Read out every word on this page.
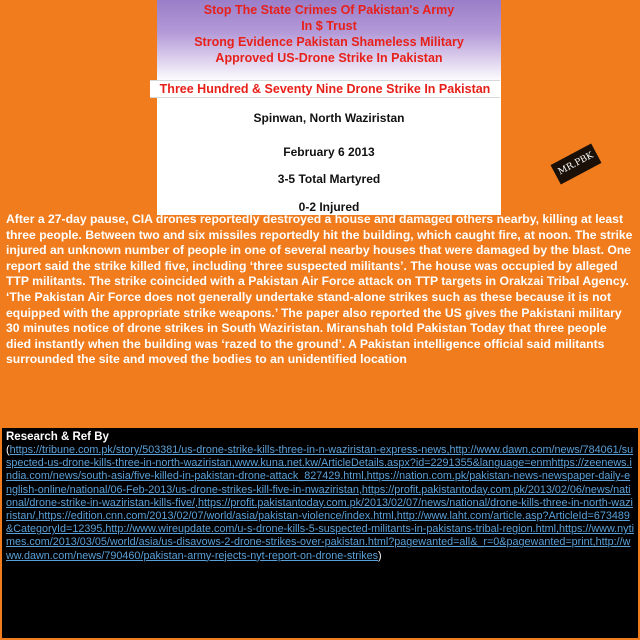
Stop The State Crimes Of Pakistan's Army
In $ Trust
Strong Evidence Pakistan Shameless Military
Approved US-Drone Strike In Pakistan
Three Hundred & Seventy Nine Drone Strike In Pakistan
Spinwan, North Waziristan
February 6 2013
3-5 Total Martyred
0-2 Injured
MR.PBK
After a 27-day pause, CIA drones reportedly destroyed a house and damaged others nearby, killing at least three people. Between two and six missiles reportedly hit the building, which caught fire, at noon. The strike injured an unknown number of people in one of several nearby houses that were damaged by the blast. One report said the strike killed five, including ‘three suspected militants’. The house was occupied by alleged TTP militants. The strike coincided with a Pakistan Air Force attack on TTP targets in Orakzai Tribal Agency. ‘The Pakistan Air Force does not generally undertake stand-alone strikes such as these because it is not equipped with the appropriate strike weapons.’ The paper also reported the US gives the Pakistani military 30 minutes notice of drone strikes in South Waziristan. Miranshah told Pakistan Today that three people died instantly when the building was ‘razed to the ground’. A Pakistan intelligence official said militants surrounded the site and moved the bodies to an unidentified location
Research & Ref By
(https://tribune.com.pk/story/503381/us-drone-strike-kills-three-in-n-waziristan-express-news,http://www.dawn.com/news/784061/suspected-us-drone-kills-three-in-north-waziristan,www.kuna.net.kw/ArticleDetails.aspx?id=2291355&language=enmhttps://zeenews.india.com/news/south-asia/five-killed-in-pakistan-drone-attack_827429.html,https://nation.com.pk/pakistan-news-newspaper-daily-english-online/national/06-Feb-2013/us-drone-strikes-kill-five-in-nwaziristan,https://profit.pakistantoday.com.pk/2013/02/06/news/national/drone-strike-in-waziristan-kills-five/,https://profit.pakistantoday.com.pk/2013/02/07/news/national/drone-kills-three-in-north-waziristan/,https://edition.cnn.com/2013/02/07/world/asia/pakistan-violence/index.html,http://www.laht.com/article.asp?ArticleId=673489&CategoryId=12395,http://www.wireupdate.com/u-s-drone-kills-5-suspected-militants-in-pakistans-tribal-region.html,https://www.nytimes.com/2013/03/05/world/asia/us-disavows-2-drone-strikes-over-pakistan.html?pagewanted=all&_r=0&pagewanted=print,http://www.dawn.com/news/790460/pakistan-army-rejects-nyt-report-on-drone-strikes)
